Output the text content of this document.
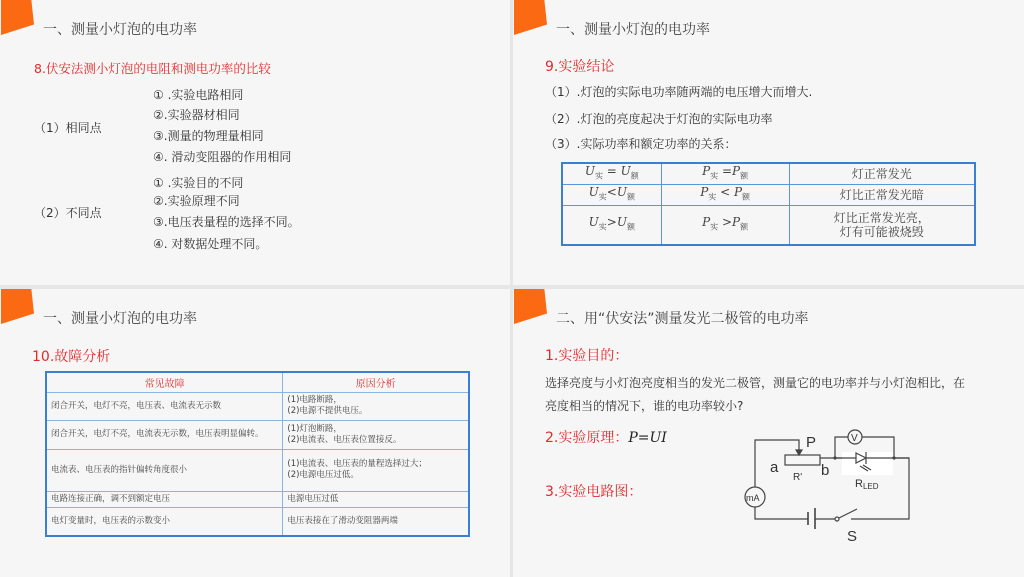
一、测量小灯泡的电功率
8.伏安法测小灯泡的电阻和测电功率的比较
（1）相同点
① .实验电路相同
②.实验器材相同
③.测量的物理量相同
④. 滑动变阻器的作用相同
（2）不同点
① .实验目的不同
②.实验原理不同
③.电压表量程的选择不同。
④. 对数据处理不同。
一、测量小灯泡的电功率
9.实验结论
（1）.灯泡的实际电功率随两端的电压增大而增大.
（2）.灯泡的亮度起决于灯泡的实际电功率
（3）.实际功率和额定功率的关系：
$U_实 = U_额$	$P_实 =P_额$	灯正常发光
$U_实<U_额$	$P_实 < P_额$	灯比正常发光暗
$U_实>U_额$	$P_实 >P_额$	灯比正常发光亮，
灯有可能被烧毁
一、测量小灯泡的电功率
10.故障分析
常见故障	原因分析
闭合开关，电灯不亮，电压表、电流表无示数	(1)电路断路，
(2)电源不提供电压。
闭合开关，电灯不亮，电流表无示数，电压表明显偏转。	(1)灯泡断路，
(2)电流表、电压表位置接反。
电流表、电压表的指针偏转角度很小	(1)电流表、电压表的量程选择过大；
(2)电源电压过低。
电路连接正确，调不到额定电压	电源电压过低
电灯变量时，电压表的示数变小	电压表接在了滑动变阻器两端
二、用“伏安法”测量发光二极管的电功率
1.实验目的：
选择亮度与小灯泡亮度相当的发光二极管，测量它的电功率并与小灯泡相比，在
亮度相当的情况下，谁的电功率较小?
2.实验原理：P=UI
3.实验电路图：
P
a	b
R'
V
mA
S
RLED
